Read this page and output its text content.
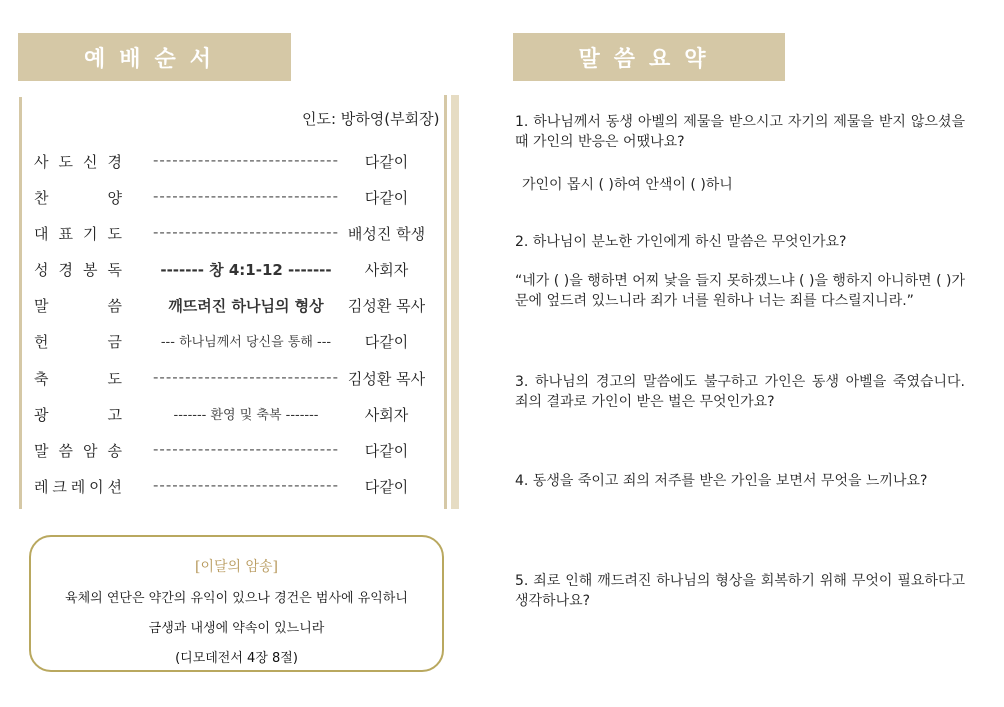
예배순서	말씀요약
인도: 방하영(부회장)
사 도 신 경	-----------------------------	다같이
찬	양	-----------------------------	다같이
대 표 기 도	----------------------------- 배성진 학생
성 경 봉 독	------- 창 4:1-12 -------	사회자
말	씀	깨뜨려진 하나님의 형상	김성환 목사
헌	금	--- 하나님께서 당신을 통해 ---	다같이
축	도	----------------------------- 김성환 목사
광	고	------- 환영 및 축복 -------	사회자
말 씀 암 송	-----------------------------	다같이
레 크 레 이 션	-----------------------------	다같이
[이달의 암송]
육체의 연단은 약간의 유익이 있으나 경건은 범사에 유익하니
금생과 내생에 약속이 있느니라
(디모데전서 4장 8절)
1. 하나님께서 동생 아벨의 제물을 받으시고 자기의 제물을 받지 않으셨을 때 가인의 반응은 어땠나요?
가인이 몹시 ( )하여 안색이 ( )하니
2. 하나님이 분노한 가인에게 하신 말씀은 무엇인가요?
“네가 ( )을 행하면 어찌 낯을 들지 못하겠느냐 ( )을 행하지 아니하면 ( )가 문에 엎드려 있느니라 죄가 너를 원하나 너는 죄를 다스릴지니라.”
3. 하나님의 경고의 말씀에도 불구하고 가인은 동생 아벨을 죽였습니다. 죄의 결과로 가인이 받은 벌은 무엇인가요?
4. 동생을 죽이고 죄의 저주를 받은 가인을 보면서 무엇을 느끼나요?
5. 죄로 인해 깨드려진 하나님의 형상을 회복하기 위해 무엇이 필요하다고 생각하나요?
